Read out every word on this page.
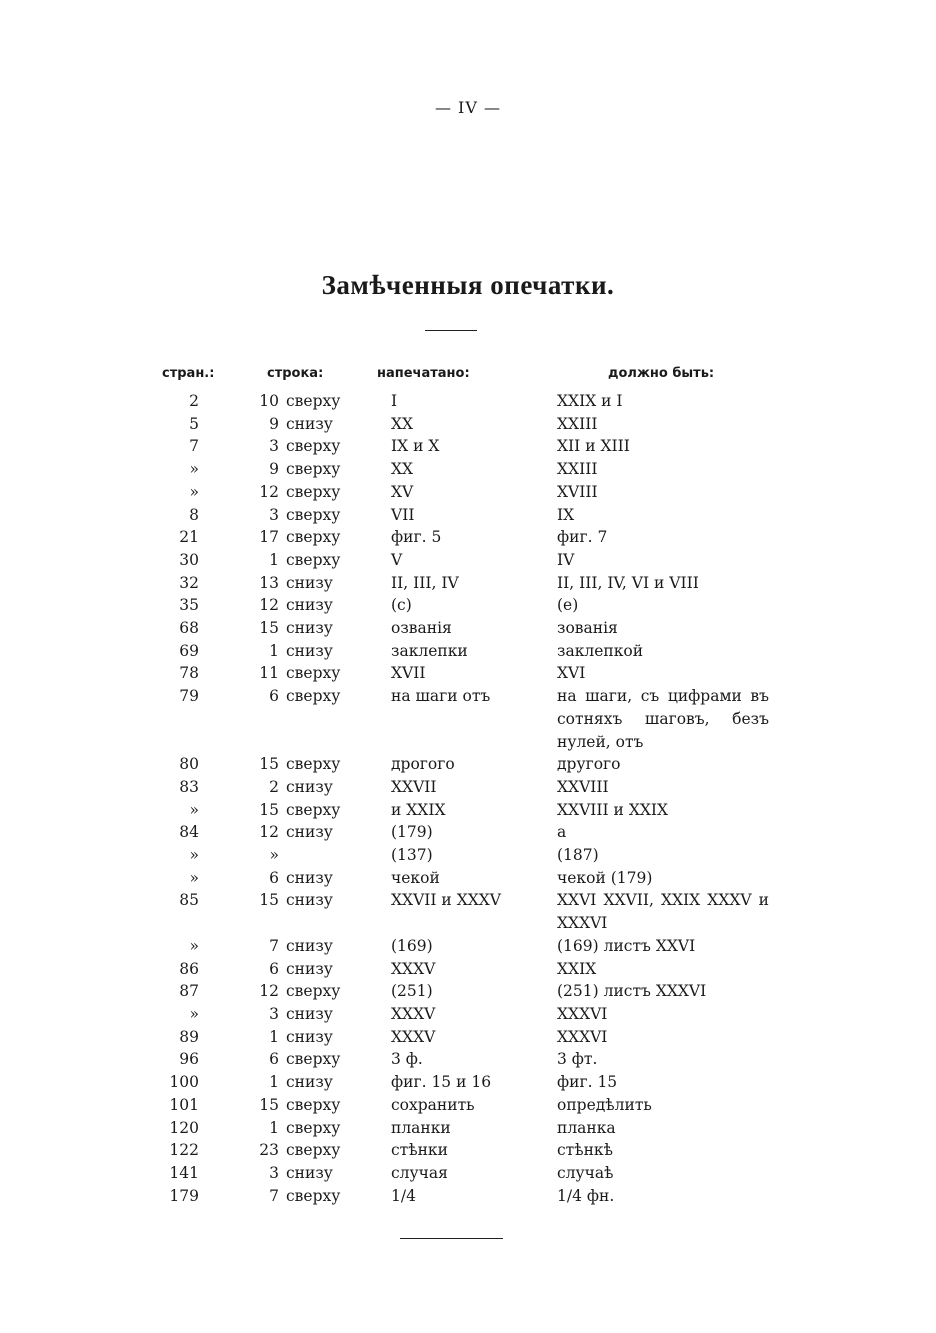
— IV —
Замѣченныя опечатки.
стран.:	строка:	напечатано:	должно быть:
2	10 сверху	I	XXIX и I
5	9 снизу	XX	XXIII
7	3 сверху	IX и X	XII и XIII
»	9 сверху	XX	XXIII
»	12 сверху	XV	XVIII
8	3 сверху	VII	IX
21	17 сверху	фиг. 5	фиг. 7
30	1 сверху	V	IV
32	13 снизу	II, III, IV	II, III, IV, VI и VIII
35	12 снизу	(с)	(е)
68	15 снизу	озванія	зованія
69	1 снизу	заклепки	заклепкой
78	11 сверху	XVII	XVI
79	6 сверху	на шаги отъ	на шаги, съ цифрами въ сотняхъ шаговъ, безъ нулей, отъ
80	15 сверху	дрогого	другого
83	2 снизу	XXVII	XXVIII
»	15 сверху	и XXIX	XXVIII и XXIX
84	12 снизу	(179)	a
»	»	(137)	(187)
»	6 снизу	чекой	чекой (179)
85	15 снизу	XXVII и XXXV	XXVI XXVII, XXIX XXXV и XXXVI
»	7 снизу	(169)	(169) листъ XXVI
86	6 снизу	XXXV	XXIX
87	12 сверху	(251)	(251) листъ XXXVI
»	3 снизу	XXXV	XXXVI
89	1 снизу	XXXV	XXXVI
96	6 сверху	3 ф.	3 фт.
100	1 снизу	фиг. 15 и 16	фиг. 15
101	15 сверху	сохранить	опредѣлить
120	1 сверху	планки	планка
122	23 сверху	стѣнки	стѣнкѣ
141	3 снизу	случая	случаѣ
179	7 сверху	1/4	1/4 фн.
